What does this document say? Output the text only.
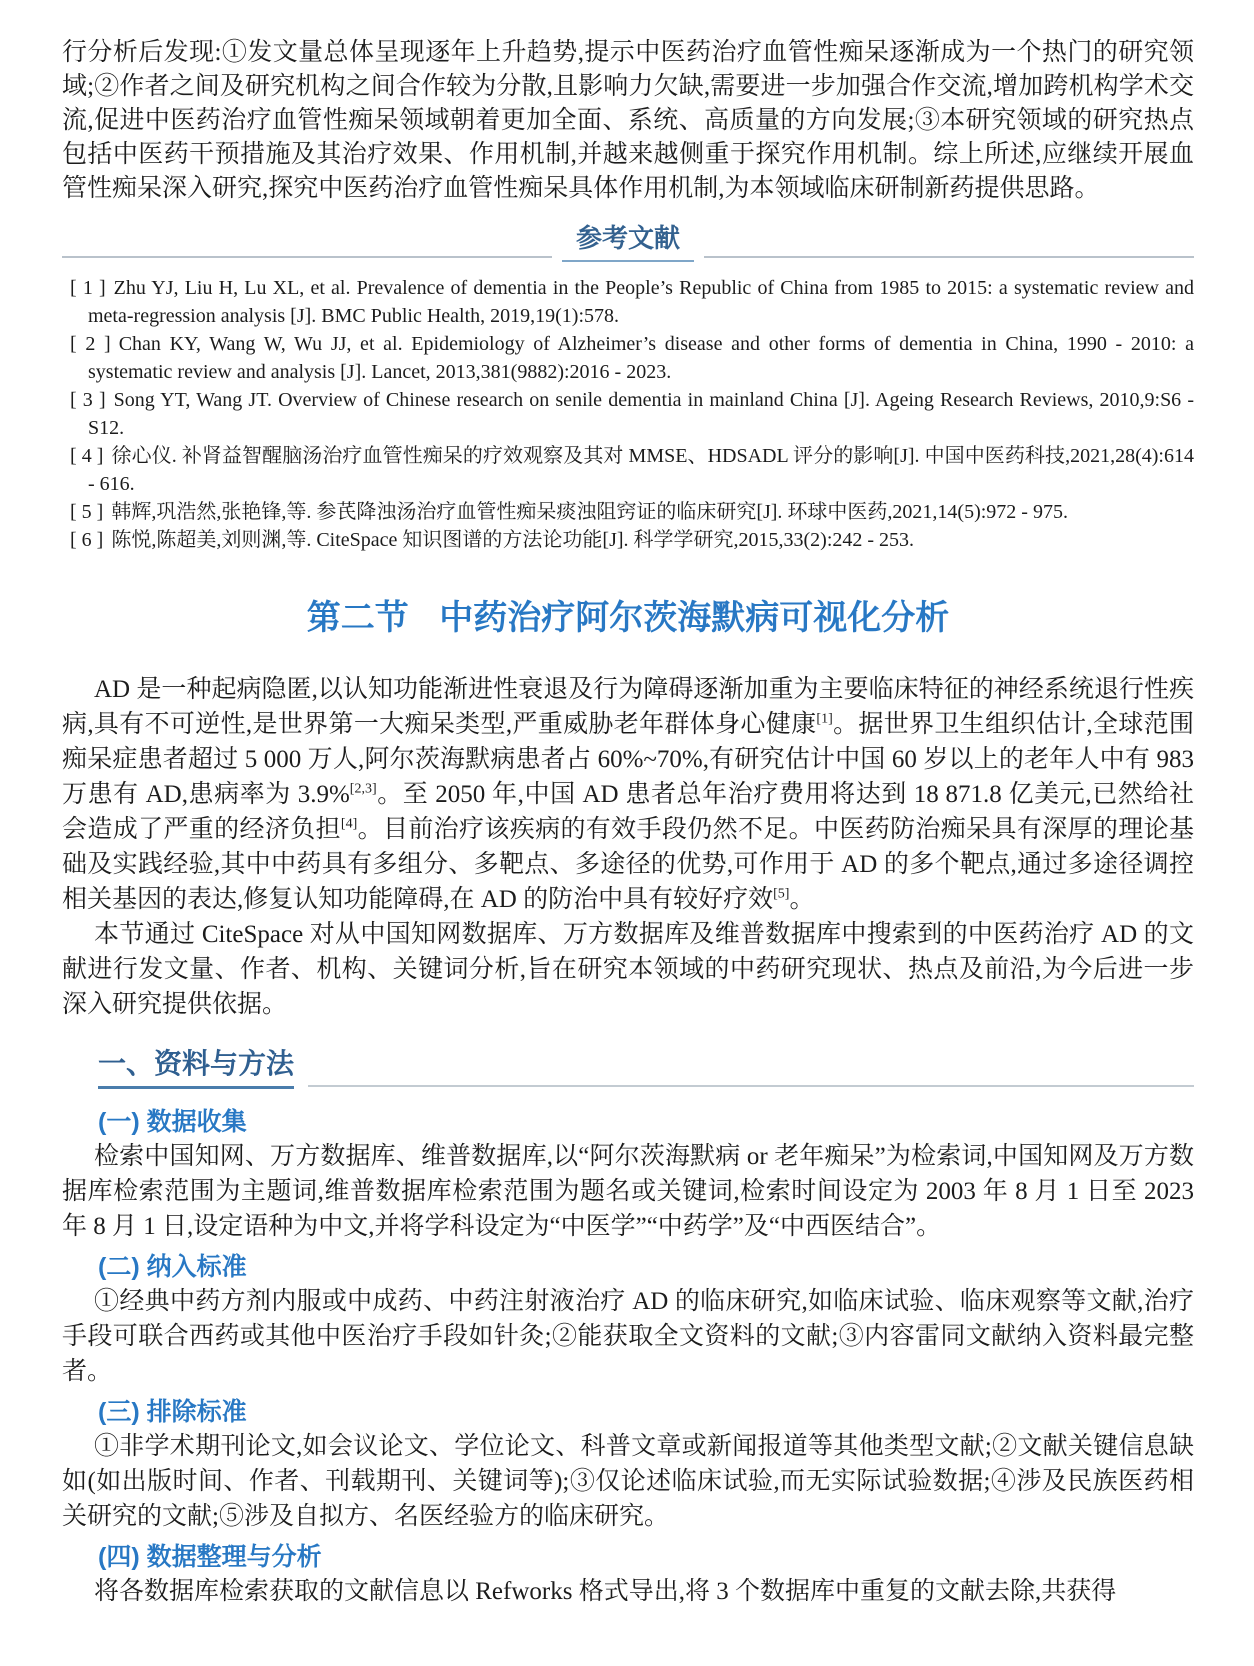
行分析后发现:①发文量总体呈现逐年上升趋势,提示中医药治疗血管性痴呆逐渐成为一个热门的研究领域;②作者之间及研究机构之间合作较为分散,且影响力欠缺,需要进一步加强合作交流,增加跨机构学术交流,促进中医药治疗血管性痴呆领域朝着更加全面、系统、高质量的方向发展;③本研究领域的研究热点包括中医药干预措施及其治疗效果、作用机制,并越来越侧重于探究作用机制。综上所述,应继续开展血管性痴呆深入研究,探究中医药治疗血管性痴呆具体作用机制,为本领域临床研制新药提供思路。

参考文献

[ 1 ] Zhu YJ, Liu H, Lu XL, et al. Prevalence of dementia in the People’s Republic of China from 1985 to 2015: a systematic review and meta-regression analysis [J]. BMC Public Health, 2019,19(1):578.

[ 2 ] Chan KY, Wang W, Wu JJ, et al. Epidemiology of Alzheimer’s disease and other forms of dementia in China, 1990 - 2010: a systematic review and analysis [J]. Lancet, 2013,381(9882):2016 - 2023.

[ 3 ] Song YT, Wang JT. Overview of Chinese research on senile dementia in mainland China [J]. Ageing Research Reviews, 2010,9:S6 - S12.

[ 4 ] 徐心仪. 补肾益智醒脑汤治疗血管性痴呆的疗效观察及其对 MMSE、HDSADL 评分的影响[J]. 中国中医药科技,2021,28(4):614 - 616.

[ 5 ] 韩辉,巩浩然,张艳锋,等. 参芪降浊汤治疗血管性痴呆痰浊阻窍证的临床研究[J]. 环球中医药,2021,14(5):972 - 975.

[ 6 ] 陈悦,陈超美,刘则渊,等. CiteSpace 知识图谱的方法论功能[J]. 科学学研究,2015,33(2):242 - 253.

第二节 中药治疗阿尔茨海默病可视化分析

AD 是一种起病隐匿,以认知功能渐进性衰退及行为障碍逐渐加重为主要临床特征的神经系统退行性疾病,具有不可逆性,是世界第一大痴呆类型,严重威胁老年群体身心健康[1]。据世界卫生组织估计,全球范围痴呆症患者超过 5 000 万人,阿尔茨海默病患者占 60%~70%,有研究估计中国 60 岁以上的老年人中有 983 万患有 AD,患病率为 3.9%[2,3]。至 2050 年,中国 AD 患者总年治疗费用将达到 18 871.8 亿美元,已然给社会造成了严重的经济负担[4]。目前治疗该疾病的有效手段仍然不足。中医药防治痴呆具有深厚的理论基础及实践经验,其中中药具有多组分、多靶点、多途径的优势,可作用于 AD 的多个靶点,通过多途径调控相关基因的表达,修复认知功能障碍,在 AD 的防治中具有较好疗效[5]。

本节通过 CiteSpace 对从中国知网数据库、万方数据库及维普数据库中搜索到的中医药治疗 AD 的文献进行发文量、作者、机构、关键词分析,旨在研究本领域的中药研究现状、热点及前沿,为今后进一步深入研究提供依据。

一、资料与方法
(一) 数据收集

检索中国知网、万方数据库、维普数据库,以“阿尔茨海默病 or 老年痴呆”为检索词,中国知网及万方数据库检索范围为主题词,维普数据库检索范围为题名或关键词,检索时间设定为 2003 年 8 月 1 日至 2023 年 8 月 1 日,设定语种为中文,并将学科设定为“中医学”“中药学”及“中西医结合”。

(二) 纳入标准

①经典中药方剂内服或中成药、中药注射液治疗 AD 的临床研究,如临床试验、临床观察等文献,治疗手段可联合西药或其他中医治疗手段如针灸;②能获取全文资料的文献;③内容雷同文献纳入资料最完整者。

(三) 排除标准

①非学术期刊论文,如会议论文、学位论文、科普文章或新闻报道等其他类型文献;②文献关键信息缺如(如出版时间、作者、刊载期刊、关键词等);③仅论述临床试验,而无实际试验数据;④涉及民族医药相关研究的文献;⑤涉及自拟方、名医经验方的临床研究。

(四) 数据整理与分析

将各数据库检索获取的文献信息以 Refworks 格式导出,将 3 个数据库中重复的文献去除,共获得
